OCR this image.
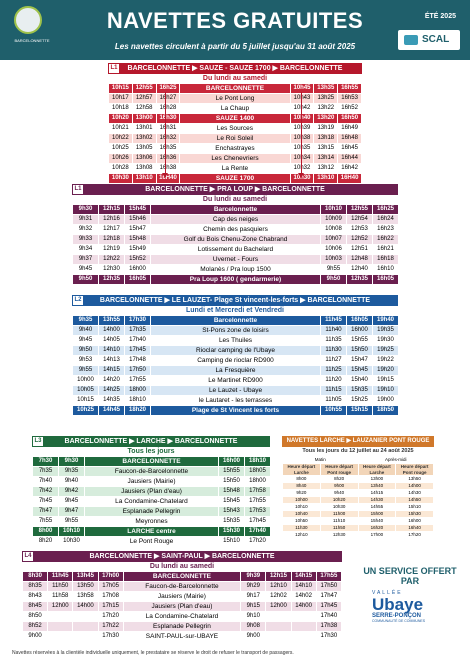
BARCELONNETTE
NAVETTES GRATUITES
Les navettes circulent à partir du 5 juillet jusqu'au 31 août 2025
ÉTÉ 2025
SCAL
L1 BARCELONNETTE ▶ SAUZE - SAUZE 1700 ▶ BARCELONNETTE
Du lundi au samedi
10h15	12h55	16h25	BARCELONNETTE	10h45	13h35	16h55
10h17	12h57	16h27	Le Pont Long	10h43	13h25	16h53
10h18	12h58	16h28	La Chaup	10h42	13h22	16h52
10h20	13h00	16h30	SAUZE 1400	10h40	13h20	16h50
10h21	13h01	16h31	Les Sources	10h39	13h19	16h49
10h22	13h02	16h32	Le Roi Soleil	10h38	13h18	16h48
10h25	13h05	16h35	Enchastrayes	10h35	13h15	16h45
10h26	13h06	16h36	Les Chenevriers	10h34	13h14	16h44
10h28	13h08	16h38	La Rente	10h32	13h12	16h42
10h30	13h10	16H40	SAUZE 1700	10h30	13h10	16H40
L1	BARCELONNETTE ▶ PRA LOUP ▶ BARCELONNETTE
Du lundi au samedi
9h30	12h15	15h45	Barcelonnette	10h10	12h55	16h25
9h31	12h16	15h46	Cap des neiges	10h09	12h54	16h24
9h32	12h17	15h47	Chemin des pasquiers	10h08	12h53	16h23
9h33	12h18	15h48	Golf du Bois Chenu-Zone Chabrand	10h07	12h52	16h22
9h34	12h19	15h49	Lotissement du Bachelard	10h06	12h51	16h21
9h37	12h22	15h52	Uvernet - Fours	10h03	12h48	16h18
9h45	12h30	16h00	Molanès / Pra loup 1500	9h55	12h40	16h10
9h50	12h35	16h05	Pra Loup 1600 ( gendarmerie)	9h50	12h35	16h05
L2	BARCELONNETTE ▶ LE LAUZET- Plage St vincent-les-forts ▶ BARCELONNETTE
Lundi et Mercredi et Vendredi
9h35	13h55	17h30	Barcelonnette	11h45	16h05	19h40
9h40	14h00	17h35	St-Pons zone de loisirs	11h40	16h00	19h35
9h45	14h05	17h40	Les Thuiles	11h35	15h55	19h30
9h50	14h10	17h45	Rioclar camping de l'Ubaye	11h30	15h50	19h25
9h53	14h13	17h48	Camping de rioclar RD900	11h27	15h47	19h22
9h55	14h15	17h50	La Fresquière	11h25	15h45	19h20
10h00	14h20	17h55	Le Martinet RD900	11h20	15h40	19h15
10h05	14h25	18h00	Le Lauzet - Ubaye	11h15	15h35	19h10
10h15	14h35	18h10	le Lautaret - les terrasses	11h05	15h25	19h00
10h25	14h45	18h20	Plage de St Vincent les forts	10h55	15h15	18h50
L3	BARCELONNETTE ▶ LARCHE ▶ BARCELONNETTE
Tous les jours
7h30	9h30	BARCELONNETTE	16h00	18h10
7h35	9h35	Faucon-de-Barcelonnette	15h55	18h05
7h40	9h40	Jausiers (Mairie)	15h50	18h00
7h42	9h42	Jausiers (Plan d'eau)	15h48	17h58
7h45	9h45	La Condamine-Chatelard	15h45	17h55
7h47	9h47	Esplanade Pellegrin	15h43	17h53
7h55	9h55	Meyronnes	15h35	17h45
8h00	10h10	LARCHE centre	15h30	17h40
8h20	10h30	Le Pont Rouge	15h10	17h20
NAVETTES LARCHE ▶ LAUZANIER PONT ROUGE
Tous les jours du 12 juillet au 24 août 2025
Matin		Après-midi	
Heure départ Larche	Heure départ Pont rouge	Heure départ Larche	Heure départ Pont rouge
8h00	8h20	13h00	13h50
8h40	9h00	13h40	14h00
9h20	9h40	14h15	14h30
10h00	10h20	14h30	14h50
10h10	10h30	14h55	15h10
10h40	11h00	15h00	15h30
10h50	11h10	15h40	16h00
11h30	11h50	16h20	16h40
12h10	12h30	17h00	17h20
L4	BARCELONNETTE ▶ SAINT-PAUL ▶ BARCELONNETTE
Du lundi au samedi
8h30	11h45	13h45	17h00	BARCELONNETTE	9h39	12h15	14h15	17h55
8h35	11h50	13h50	17h05	Faucon-de-Barcelonnette	9h29	12h10	14h10	17h50
8h43	11h58	13h58	17h08	Jausiers (Mairie)	9h17	12h02	14h02	17h47
8h45	12h00	14h00	17h15	Jausiers (Plan d'eau)	9h15	12h00	14h00	17h45
8h50			17h20	La Condamine-Chatelard	9h10			17h40
8h52			17h22	Esplanade Pellegrin	9h08			17h38
9h00			17h30	SAINT-PAUL-sur-UBAYE	9h00			17h30
UN SERVICE OFFERT PAR
VALLÉE
Ubaye
SERRE-PONÇON
COMMUNAUTÉ DE COMMUNES
Navettes réservées à la clientèle individuelle uniquement, le prestataire se réserve le droit de refuser le transport de passagers.
